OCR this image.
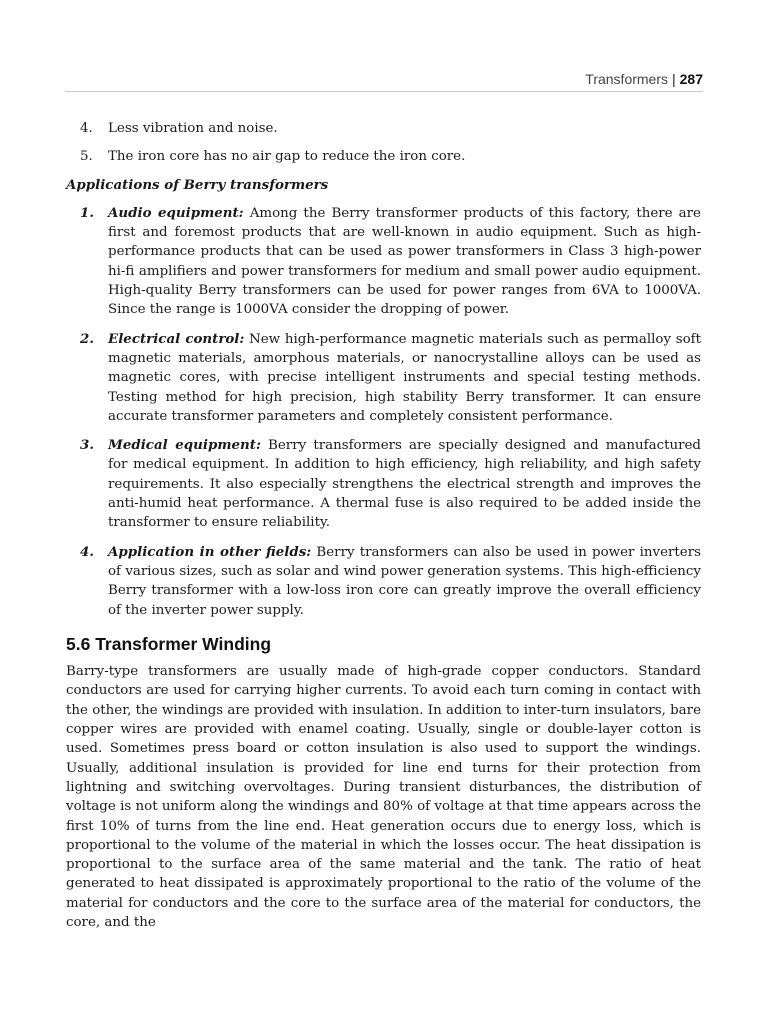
Transformers | 287
4.	Less vibration and noise.
5.	The iron core has no air gap to reduce the iron core.
Applications of Berry transformers
1.	Audio equipment: Among the Berry transformer products of this factory, there are first and foremost products that are well-known in audio equipment. Such as high-performance products that can be used as power transformers in Class 3 high-power hi-fi amplifiers and power transformers for medium and small power audio equipment. High-quality Berry transformers can be used for power ranges from 6VA to 1000VA. Since the range is 1000VA consider the dropping of power.
2.	Electrical control: New high-performance magnetic materials such as permalloy soft magnetic materials, amorphous materials, or nanocrystalline alloys can be used as magnetic cores, with precise intelligent instruments and special testing methods. Testing method for high precision, high stability Berry transformer. It can ensure accurate transformer parameters and completely consistent performance.
3.	Medical equipment: Berry transformers are specially designed and manufactured for medical equipment. In addition to high efficiency, high reliability, and high safety requirements. It also especially strengthens the electrical strength and improves the anti-humid heat performance. A thermal fuse is also required to be added inside the transformer to ensure reliability.
4.	Application in other fields: Berry transformers can also be used in power inverters of various sizes, such as solar and wind power generation systems. This high-efficiency Berry transformer with a low-loss iron core can greatly improve the overall efficiency of the inverter power supply.
5.6 Transformer Winding

Barry-type transformers are usually made of high-grade copper conductors. Standard conductors are used for carrying higher currents. To avoid each turn coming in contact with the other, the windings are provided with insulation. In addition to inter-turn insulators, bare copper wires are provided with enamel coating. Usually, single or double-layer cotton is used. Sometimes press board or cotton insulation is also used to support the windings. Usually, additional insulation is provided for line end turns for their protection from lightning and switching overvoltages. During transient disturbances, the distribution of voltage is not uniform along the windings and 80% of voltage at that time appears across the first 10% of turns from the line end. Heat generation occurs due to energy loss, which is proportional to the volume of the material in which the losses occur. The heat dissipation is proportional to the surface area of the same material and the tank. The ratio of heat generated to heat dissipated is approximately proportional to the ratio of the volume of the material for conductors and the core to the surface area of the material for conductors, the core, and the
